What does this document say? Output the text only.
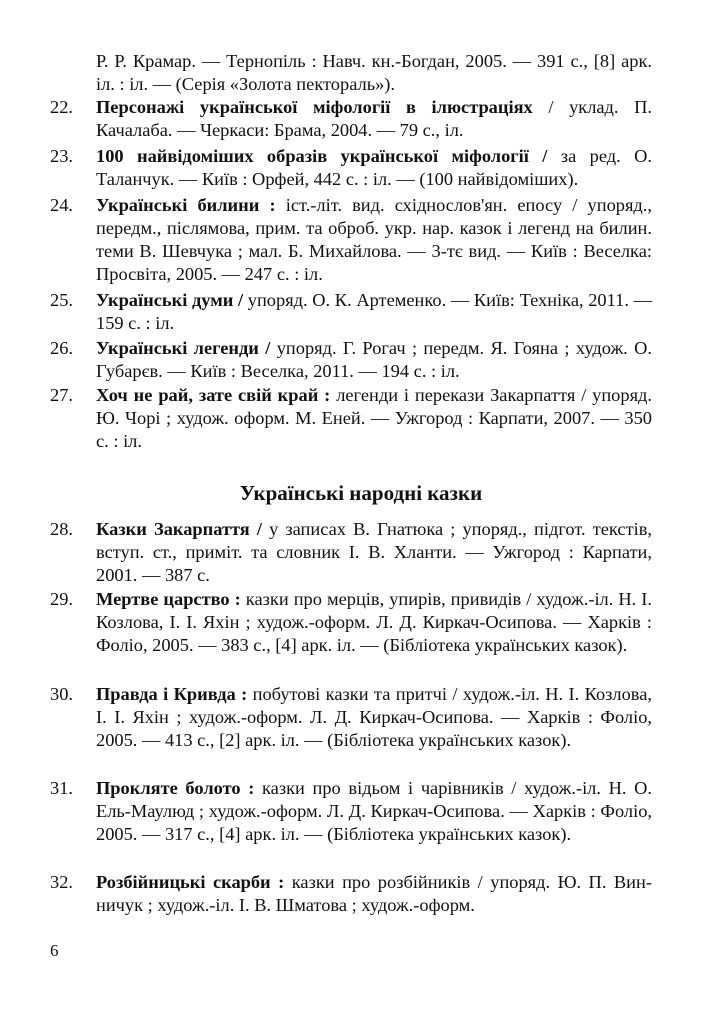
Р. Р. Крамар. — Тернопіль : Навч. кн.-Богдан, 2005. — 391 с., [8] арк. іл. : іл. — (Серія «Золота пектораль»).
22.	Персонажі української міфології в ілюстраціях / уклад. П. Качалаба. — Черкаси: Брама, 2004. — 79 с., іл.
23.	100 найвідоміших образів української міфології / за ред. О. Таланчук. — Київ : Орфей, 442 с. : іл. — (100 найвідоміших).
24.	Українські билини : іст.-літ. вид. східнослов'ян. епосу / упоряд., передм., післямова, прим. та оброб. укр. нар. казок і легенд на билин. теми В. Шевчука ; мал. Б. Михайлова. — 3-тє вид. — Київ : Веселка: Просвіта, 2005. — 247 с. : іл.
25.	Українські думи / упоряд. О. К. Артеменко. — Київ: Техніка, 2011. — 159 с. : іл.
26.	Українські легенди / упоряд. Г. Рогач ; передм. Я. Гояна ; худож. О. Губарєв. — Київ : Веселка, 2011. — 194 с. : іл.
27.	Хоч не рай, зате свій край : легенди і перекази Закарпаття / упоряд. Ю. Чорі ; худож. оформ. М. Еней. — Ужгород : Карпати, 2007. — 350 с. : іл.
Українські народні казки
28.	Казки Закарпаття / у записах В. Гнатюка ; упоряд., підгот. текстів, вступ. ст., приміт. та словник І. В. Хланти. — Ужгород : Карпати, 2001. — 387 с.
29.	Мертве царство : казки про мерців, упирів, привидів / худож.-іл. Н. І. Козлова, І. І. Яхін ; худож.-оформ. Л. Д. Киркач-Осипова. — Харків : Фоліо, 2005. — 383 с., [4] арк. іл. — (Бібліотека українських казок).
30.	Правда і Кривда : побутові казки та притчі / худож.-іл. Н. І. Козлова, І. І. Яхін ; худож.-оформ. Л. Д. Киркач-Осипова. — Харків : Фоліо, 2005. — 413 с., [2] арк. іл. — (Бібліотека українських казок).
31.	Прокляте болото : казки про відьом і чарівників / худож.-іл. Н. О. Ель-Маулюд ; худож.-оформ. Л. Д. Киркач-Осипова. — Харків : Фоліо, 2005. — 317 с., [4] арк. іл. — (Бібліотека українських казок).
32.	Розбійницькі скарби : казки про розбійників / упоряд. Ю. П. Вин-ничук ; худож.-іл. І. В. Шматова ; худож.-оформ.
6
